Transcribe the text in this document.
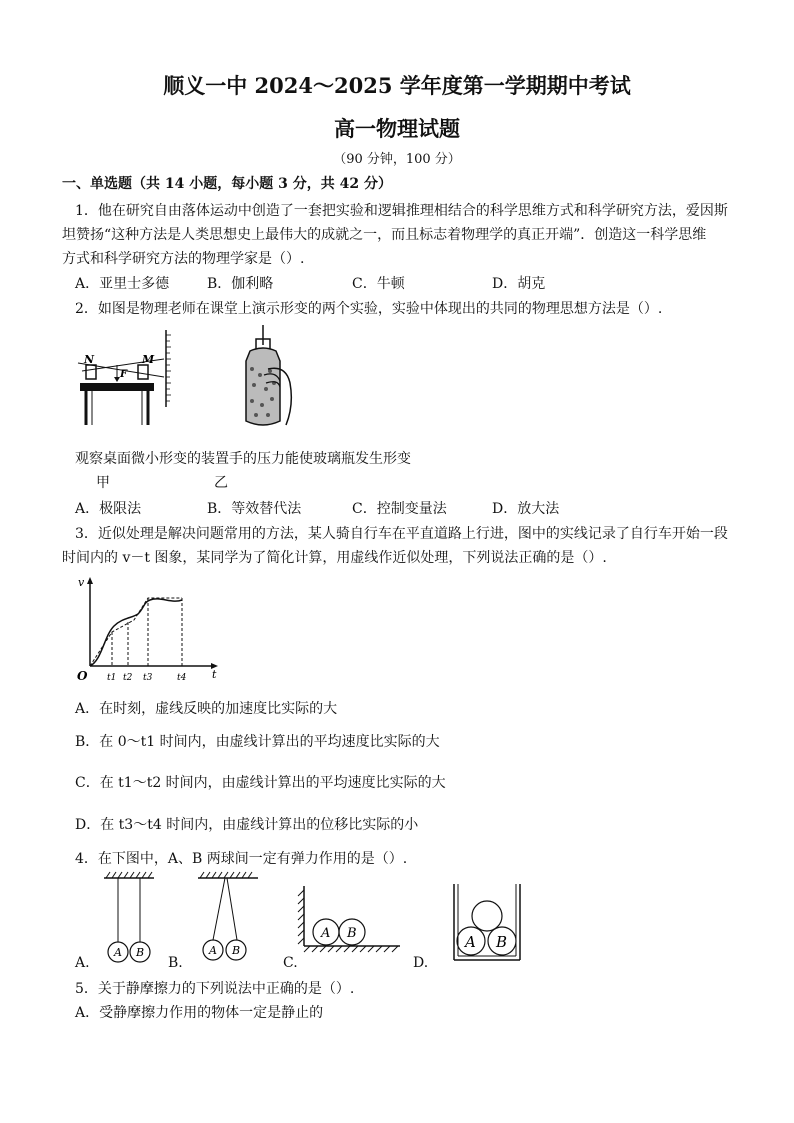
顺义一中 2024～2025 学年度第一学期期中考试
高一物理试题
（90 分钟，100 分）
一、单选题（共 14 小题，每小题 3 分，共 42 分）
1．他在研究自由落体运动中创造了一套把实验和逻辑推理相结合的科学思维方式和科学研究方法，爱因斯
坦赞扬“这种方法是人类思想史上最伟大的成就之一，而且标志着物理学的真正开端”．创造这一科学思维
方式和科学研究方法的物理学家是（）.
A．亚里士多德	B．伽利略	C．牛顿	D．胡克
2．如图是物理老师在课堂上演示形变的两个实验，实验中体现出的共同的物理思想方法是（）.
N	M
F
观察桌面微小形变的装置手的压力能使玻璃瓶发生形变
甲	乙
A．极限法	B．等效替代法	C．控制变量法	D．放大法
3．近似处理是解决问题常用的方法，某人骑自行车在平直道路上行进，图中的实线记录了自行车开始一段
时间内的 v－t 图象，某同学为了简化计算，用虚线作近似处理，下列说法正确的是（）.
O
v
t
t1 t2 t3	t4
A．在时刻，虚线反映的加速度比实际的大
B．在 0～t1 时间内，由虚线计算出的平均速度比实际的大
C．在 t1～t2 时间内，由虚线计算出的平均速度比实际的大
D．在 t3～t4 时间内，由虚线计算出的位移比实际的小
4．在下图中，A、B 两球间一定有弹力作用的是（）.
A B	A B
A B	A B
A.	B.	C.	D.
5．关于静摩擦力的下列说法中正确的是（）.
A．受静摩擦力作用的物体一定是静止的
